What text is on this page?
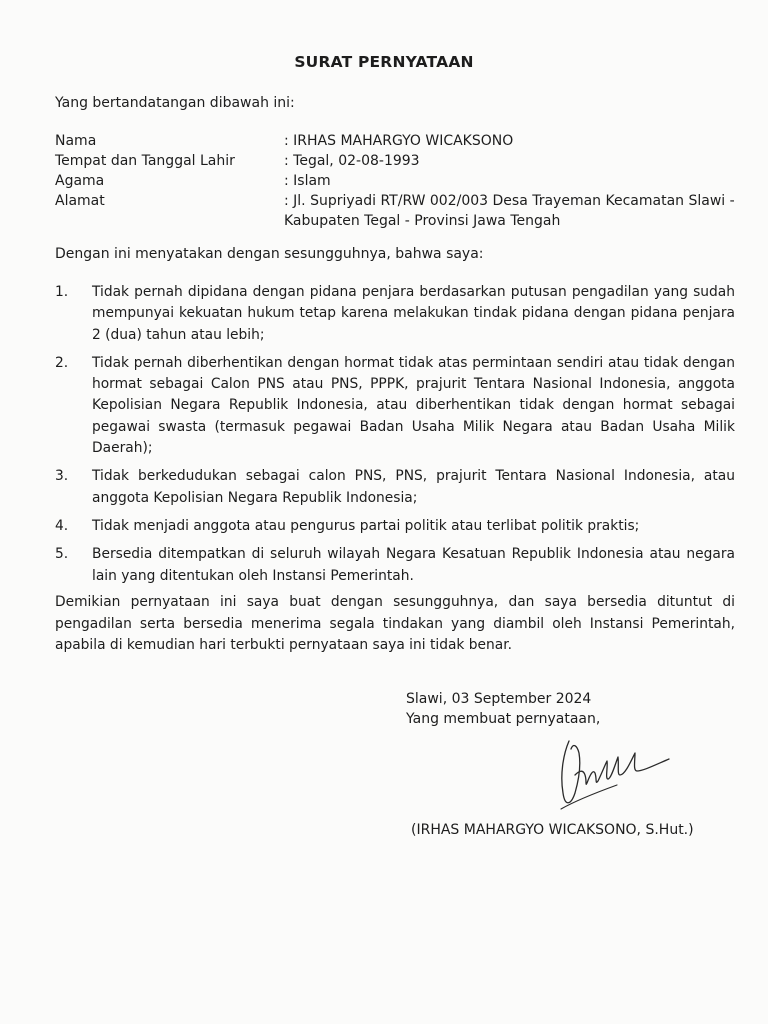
SURAT PERNYATAAN
Yang bertandatangan dibawah ini:
Nama	: IRHAS MAHARGYO WICAKSONO
Tempat dan Tanggal Lahir	: Tegal, 02-08-1993
Agama	: Islam
Alamat	: Jl. Supriyadi RT/RW 002/003 Desa Trayeman Kecamatan Slawi - Kabupaten Tegal - Provinsi Jawa Tengah
Dengan ini menyatakan dengan sesungguhnya, bahwa saya:
1.	Tidak pernah dipidana dengan pidana penjara berdasarkan putusan pengadilan yang sudah mempunyai kekuatan hukum tetap karena melakukan tindak pidana dengan pidana penjara 2 (dua) tahun atau lebih;
2.	Tidak pernah diberhentikan dengan hormat tidak atas permintaan sendiri atau tidak dengan hormat sebagai Calon PNS atau PNS, PPPK, prajurit Tentara Nasional Indonesia, anggota Kepolisian Negara Republik Indonesia, atau diberhentikan tidak dengan hormat sebagai pegawai swasta (termasuk pegawai Badan Usaha Milik Negara atau Badan Usaha Milik Daerah);
3.	Tidak berkedudukan sebagai calon PNS, PNS, prajurit Tentara Nasional Indonesia, atau anggota Kepolisian Negara Republik Indonesia;
4.	Tidak menjadi anggota atau pengurus partai politik atau terlibat politik praktis;
5.	Bersedia ditempatkan di seluruh wilayah Negara Kesatuan Republik Indonesia atau negara lain yang ditentukan oleh Instansi Pemerintah.
Demikian pernyataan ini saya buat dengan sesungguhnya, dan saya bersedia dituntut di pengadilan serta bersedia menerima segala tindakan yang diambil oleh Instansi Pemerintah, apabila di kemudian hari terbukti pernyataan saya ini tidak benar.
Slawi, 03 September 2024
Yang membuat pernyataan,
(IRHAS MAHARGYO WICAKSONO, S.Hut.)
